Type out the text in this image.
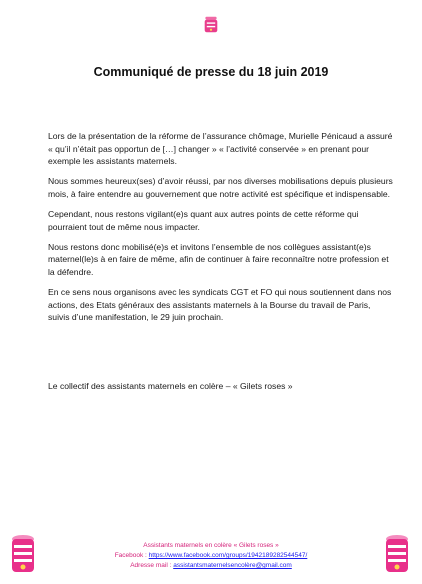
Communiqué de presse du 18 juin 2019

Lors de la présentation de la réforme de l’assurance chômage, Murielle Pénicaud a assuré « qu’il n’était pas opportun de […] changer » « l’activité conservée » en prenant pour exemple les assistants maternels.

Nous sommes heureux(ses) d’avoir réussi, par nos diverses mobilisations depuis plusieurs mois, à faire entendre au gouvernement que notre activité est spécifique et indispensable.

Cependant, nous restons vigilant(e)s quant aux autres points de cette réforme qui pourraient tout de même nous impacter.

Nous restons donc mobilisé(e)s et invitons l’ensemble de nos collègues assistant(e)s maternel(le)s à en faire de même, afin de continuer à faire reconnaître notre profession et la défendre.

En ce sens nous organisons avec les syndicats CGT et FO qui nous soutiennent dans nos actions, des Etats généraux des assistants maternels à la Bourse du travail de Paris, suivis d’une manifestation, le 29 juin prochain.

Le collectif des assistants maternels en colère – « Gilets roses »
Assistants maternels en colère « Gilets roses »
Facebook : https://www.facebook.com/groups/1942189282544547/
Adresse mail : assistantsmaternelsencolère@gmail.com
